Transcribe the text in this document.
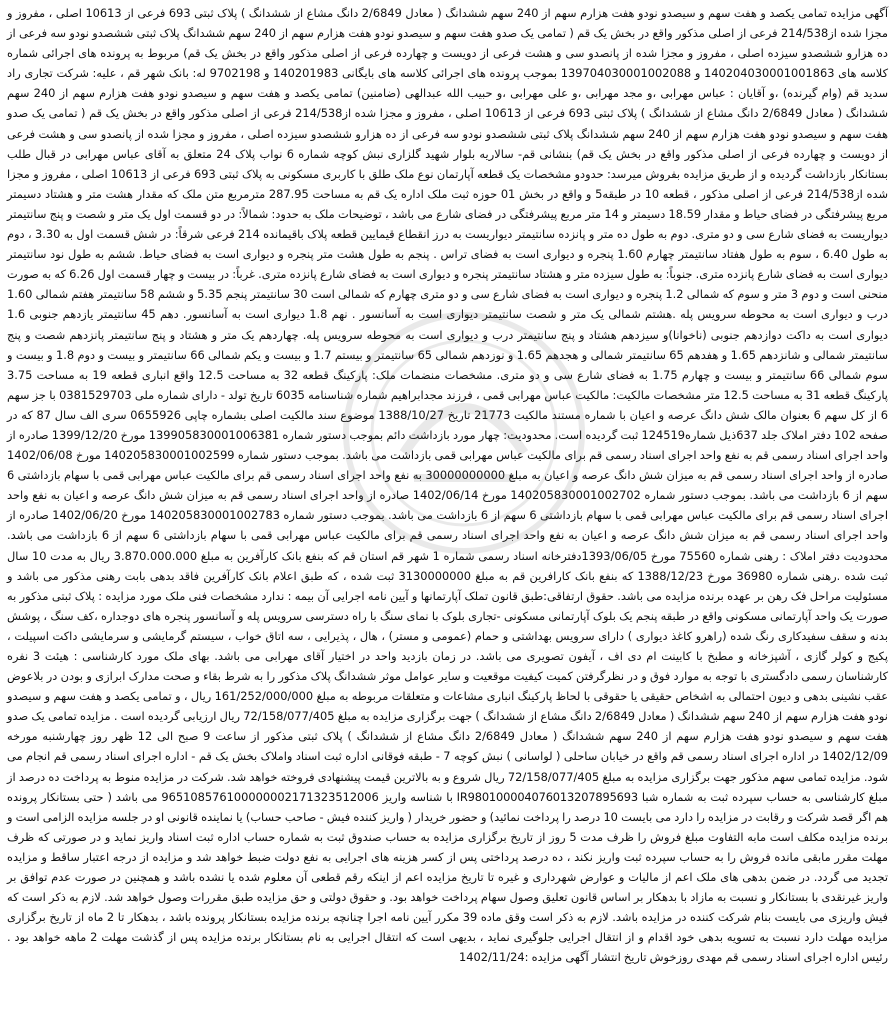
آگهی مزایده تمامی یکصد و هفت سهم و سیصدو نودو هفت هزارم سهم از 240 سهم ششدانگ ( معادل 2/6849 دانگ مشاع از ششدانگ ) پلاک ثبتی 693 فرعی از 10613 اصلی ، مفروز و مجزا شده از214/538 فرعی از اصلی مذکور واقع در بخش یک قم ( تمامی یک صدو هفت سهم و سیصدو نودو هفت هزارم سهم از 240 سهم ششدانگ پلاک ثبتی ششصدو نودو سه فرعی از ده هزارو ششصدو سیزده اصلی ، مفروز و مجزا شده از پانصدو سی و هشت فرعی از دویست و چهارده فرعی از اصلی مذکور واقع در بخش یک قم) مربوط به پرونده های اجرائی شماره کلاسه های 140204030001001863 و 139704030001002088 بموجب پرونده های اجرائی کلاسه های بایگانی 140201983 و 9702198 له: بانک شهر قم ، علیه: شرکت تجاری راد سدید قم (وام گیرنده) ،و آقایان : عباس مهرابی ،و مجد مهرابی ،و علی مهرابی ،و حبیب الله عبدالهی (ضامنین) تمامی یکصد و هفت سهم و سیصدو نودو هفت هزارم سهم از 240 سهم ششدانگ ( معادل 2/6849 دانگ مشاع از ششدانگ ) پلاک ثبتی 693 فرعی از 10613 اصلی ، مفروز و مجزا شده از214/538 فرعی از اصلی مذکور واقع در بخش یک قم ( تمامی یک صدو هفت سهم و سیصدو نودو هفت هزارم سهم از 240 سهم ششدانگ پلاک ثبتی ششصدو نودو سه فرعی از ده هزارو ششصدو سیزده اصلی ، مفروز و مجزا شده از پانصدو سی و هشت فرعی از دویست و چهارده فرعی از اصلی مذکور واقع در بخش یک قم) بنشانی قم- سالاریه بلوار شهید گلزاری نبش کوچه شماره 6 نواب پلاک 24 متعلق به آقای عباس مهرابی در قبال طلب بستانکار بازداشت گردیده و از طریق مزایده بفروش میرسد: حدودو مشخصات یک قطعه آپارتمان نوع ملک طلق با کاربری مسکونی به پلاک ثبتی 693 فرعی از 10613 اصلی ، مفروز و مجزا شده از214/538 فرعی از اصلی مذکور ، قطعه 10 در طبقه5 و واقع در بخش 01 حوزه ثبت ملک اداره یک قم به مساحت 287.95 مترمربع متن ملک که مقدار هشت متر و هشتاد دسیمتر مربع پیشرفتگی در فضای حیاط و مقدار 18.59 دسیمتر و 14 متر مربع پیشرفتگی در فضای شارع می باشد ، توضیحات ملک به حدود: شمالاً: در دو قسمت اول یک متر و شصت و پنج سانتیمتر دیواریست به فضای شارع سی و دو متری. دوم به طول ده متر و پانزده سانتیمتر دیواریست به درز انقطاع قیمایین قطعه پلاک باقیمانده 214 فرعی شرقاً: در شش قسمت اول به 3.30 ، دوم به طول 6.40 ، سوم به طول هفتاد سانتیمتر چهارم 1.60 پنجره و دیواری است به فضای تراس . پنجم به طول هشت متر پنجره و دیواری است به فضای حیاط. ششم به طول نود سانتیمتر دیواری است به فضای شارع پانزده متری. جنوباً: به طول سیزده متر و هشتاد سانتیمتر پنجره و دیواری است به فضای شارع پانزده متری. غرباً: در بیست و چهار قسمت اول 6.26 که به صورت منحنی است و دوم 3 متر و سوم که شمالی 1.2 پنجره و دیواری است به فضای شارع سی و دو متری چهارم که شمالی است 30 سانتیمتر پنجم 5.35 و ششم 58 سانتیمتر هفتم شمالی 1.60 درب و دیواری است به محوطه سرویس پله .هشتم شمالی یک متر و شصت سانتیمتر دیواری است به آسانسور . نهم 1.8 دیواری است به آسانسور. دهم 45 سانتیمتر یازدهم جنوبی 1.6 دیواری است به داکت دوازدهم جنوبی (ناخوانا)و سیزدهم هشتاد و پنج سانتیمتر درب و دیواری است به محوطه سرویس پله. چهاردهم یک متر و هشتاد و پنج سانتیمتر پانزدهم شصت و پنج سانتیمتر شمالی و شانزدهم 1.65 و هفدهم 65 سانتیمتر شمالی و هجدهم 1.65 و نوزدهم شمالی 65 سانتیمتر و بیستم 1.7 و بیست و یکم شمالی 66 سانتیمتر و بیست و دوم 1.8 و بیست و سوم شمالی 66 سانتیمتر و بیست و چهارم 1.75 به فضای شارع سی و دو متری. مشخصات منضمات ملک: پارکینگ قطعه 32 به مساحت 12.5 واقع انباری قطعه 19 به مساحت 3.75 پارکینگ قطعه 31 به مساحت 12.5 متر مشخصات مالکیت: مالکیت عباس مهرابی قمی ، فرزند مجدابراهیم شماره شناسنامه 6035 تاریخ تولد - دارای شماره ملی 0381529703 با جز سهم 6 از کل سهم 6 بعنوان مالک شش دانگ عرصه و اعیان با شماره مستند مالکیت 21773 تاریخ 1388/10/27 موضوع سند مالکیت اصلی بشماره چاپی 0655926 سری الف سال 87 که در صفحه 102 دفتر املاک جلد 637ذیل شماره124519 ثبت گردیده است. محدودیت: چهار مورد بازداشت دائم بموجب دستور شماره 139905830001006381 مورخ 1399/12/20 صادره از واحد اجرای اسناد رسمی قم به نفع واحد اجرای اسناد رسمی قم برای مالکیت عباس مهرابی قمی بازداشت می باشد. بموجب دستور شماره 140205830001002599 مورخ 1402/06/08 صادره از واحد اجرای اسناد رسمی قم به میزان شش دانگ عرصه و اعیان به مبلغ 30000000000 به نفع واحد اجرای اسناد رسمی قم برای مالکیت عباس مهرابی قمی با سهام بازداشتی 6 سهم از 6 بازداشت می باشد. بموجب دستور شماره 140205830001002702 مورخ 1402/06/14 صادره از واحد اجرای اسناد رسمی قم به میزان شش دانگ عرصه و اعیان به نفع واحد اجرای اسناد رسمی قم برای مالکیت عباس مهرابی قمی با سهام بازداشتی 6 سهم از 6 بازداشت می باشد. بموجب دستور شماره 140205830001002783 مورخ 1402/06/20 صادره از واحد اجرای اسناد رسمی قم به میزان شش دانگ عرصه و اعیان به نفع واحد اجرای اسناد رسمی قم برای مالکیت عباس مهرابی قمی با سهام بازداشتی 6 سهم از 6 بازداشت می باشد. محدودیت دفتر املاک : رهنی شماره 75560 مورخ 1393/06/05دفترخانه اسناد رسمی شماره 1 شهر قم استان قم که بنفع بانک کارآفرین به مبلغ 3.870.000.000 ریال به مدت 10 سال ثبت شده .رهنی شماره 36980 مورخ 1388/12/23 که بنفع بانک کارافرین قم به مبلغ 3130000000 ثبت شده ، که طبق اعلام بانک کارآفرین فاقد بدهی بابت رهنی مذکور می باشد و مسئولیت مراحل فک رهن بر عهده برنده مزایده می باشد. حقوق ارتفاقی:طبق قانون تملک آپارتمانها و آیین نامه اجرایی آن بیمه : ندارد مشخصات فنی ملک مورد مزایده : پلاک ثبتی مذکور به صورت یک واحد آپارتمانی مسکونی واقع در طبقه پنجم یک بلوک آپارتمانی مسکونی -تجاری بلوک با نمای سنگ با راه دسترسی سرویس پله و آسانسور پنجره های دوجداره ،کف سنگ ، پوشش بدنه و سقف سفیدکاری رنگ شده (راهرو کاغذ دیواری ) دارای سرویس بهداشتی و حمام (عمومی و مستر) ، هال ، پذیرایی ، سه اتاق خواب ، سیستم گرمایشی و سرمایشی داکت اسپیلت ، پکیج و کولر گازی ، آشپزخانه و مطبخ با کابینت ام دی اف ، آیفون تصویری می باشد. در زمان بازدید واحد در اختیار آقای مهرابی می باشد. بهای ملک مورد کارشناسی : هیئت 3 نفره کارشناسان رسمی دادگستری با توجه به موارد فوق و در نظرگرفتن کمیت کیفیت موقعیت و سایر عوامل موثر ششدانگ پلاک مذکور را به شرط بقاء و صحت مدارک ابرازی و بودن در بلاعوض عقب نشینی بدهی و دیون احتمالی به اشخاص حقیقی یا حقوقی با لحاظ پارکینگ انباری مشاعات و متعلقات مربوطه به مبلغ 161/252/000/000 ریال ، و تمامی یکصد و هفت سهم و سیصدو نودو هفت هزارم سهم از 240 سهم ششدانگ ( معادل 2/6849 دانگ مشاع از ششدانگ ) جهت برگزاری مزایده به مبلغ 72/158/077/405 ریال ارزیابی گردیده است . مزایده تمامی یک صدو هفت سهم و سیصدو نودو هفت هزارم سهم از 240 سهم ششدانگ ( معادل 2/6849 دانگ مشاع از ششدانگ ) پلاک ثبتی مذکور از ساعت 9 صبح الی 12 ظهر روز چهارشنبه مورخه 1402/12/09 در اداره اجرای اسناد رسمی قم واقع در خیابان ساحلی ( لواسانی ) نبش کوچه 7 - طبقه فوقانی اداره ثبت اسناد واملاک بخش یک قم - اداره اجرای اسناد رسمی قم انجام می شود. مزایده تمامی سهم مذکور جهت برگزاری مزایده به مبلغ 72/158/077/405 ریال شروع و به بالاترین قیمت پیشنهادی فروخته خواهد شد. شرکت در مزایده منوط به پرداخت ده درصد از مبلغ کارشناسی به حساب سپرده ثبت به شماره شبا IR980100004076013207895693 با شناسه واریز 965108576100000002171323512006 می باشد ( حتی بستانکار پرونده هم اگر قصد شرکت و رقابت در مزایده را دارد می بایست 10 درصد را پرداخت نمائید) و حضور خریدار ( واریز کننده فیش - صاحب حساب) یا نماینده قانونی او در جلسه مزایده الزامی است و برنده مزایده مکلف است مابه التفاوت مبلغ فروش را ظرف مدت 5 روز از تاریخ برگزاری مزایده به حساب صندوق ثبت به شماره حساب اداره ثبت اسناد واریز نماید و در صورتی که ظرف مهلت مقرر مابقی مانده فروش را به حساب سپرده ثبت واریز نکند ، ده درصد پرداختی پس از کسر هزینه های اجرایی به نفع دولت ضبط خواهد شد و مزایده از درجه اعتبار ساقط و مزایده تجدید می گردد. در ضمن بدهی های ملک اعم از مالیات و عوارض شهرداری و غیره تا تاریخ مزایده اعم از اینکه رقم قطعی آن معلوم شده یا نشده باشد و همچنین در صورت عدم توافق بر واریز غیرنقدی با بستانکار و نسبت به مازاد با بدهکار بر اساس قانون تعلیق وصول سهام پرداخت خواهد بود. و حقوق دولتی و حق مزایده طبق مقررات وصول خواهد شد. لازم به ذکر است که فیش واریزی می بایست بنام شرکت کننده در مزایده باشد. لازم به ذکر است وقق ماده 39 مکرر آیین نامه اجرا چنانچه برنده مزایده بستانکار پرونده باشد ، بدهکار تا 2 ماه از تاریخ برگزاری مزایده مهلت دارد نسبت به تسویه بدهی خود اقدام و از انتقال اجرایی جلوگیری نماید ، بدیهی است که انتقال اجرایی به نام بستانکار برنده مزایده پس از گذشت مهلت 2 ماهه خواهد بود . رئیس اداره اجرای اسناد رسمی قم مهدی روزخوش تاریخ انتشار آگهی مزایده :1402/11/24
